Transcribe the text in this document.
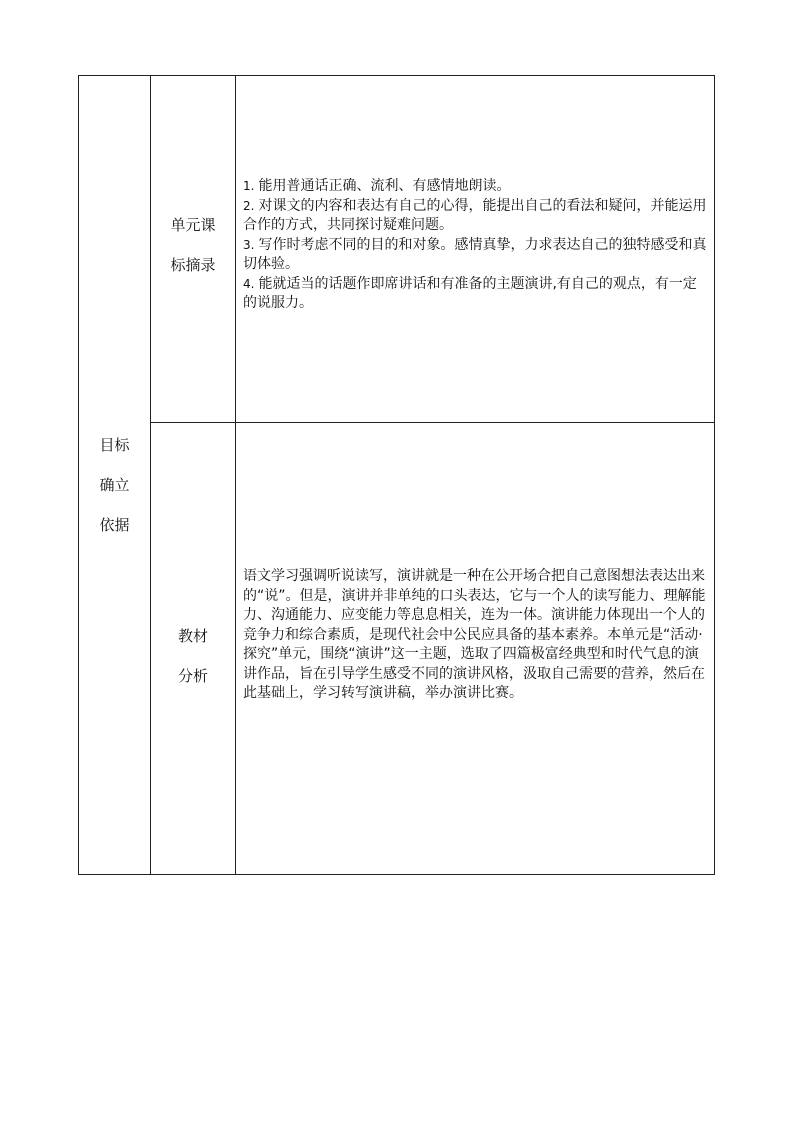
目标
确立
依据
单元课
标摘录
1. 能用普通话正确、流利、有感情地朗读。
2. 对课文的内容和表达有自己的心得，能提出自己的看法和疑问，并能运用合作的方式，共同探讨疑难问题。
3. 写作时考虑不同的目的和对象。感情真挚，力求表达自己的独特感受和真切体验。
4. 能就适当的话题作即席讲话和有准备的主题演讲,有自己的观点，有一定的说服力。
教材
分析
语文学习强调听说读写，演讲就是一种在公开场合把自己意图想法表达出来的“说”。但是，演讲并非单纯的口头表达，它与一个人的读写能力、理解能力、沟通能力、应变能力等息息相关，连为一体。演讲能力体现出一个人的竞争力和综合素质，是现代社会中公民应具备的基本素养。本单元是“活动·探究”单元，围绕“演讲”这一主题，选取了四篇极富经典型和时代气息的演讲作品，旨在引导学生感受不同的演讲风格，汲取自己需要的营养，然后在此基础上，学习转写演讲稿，举办演讲比赛。
